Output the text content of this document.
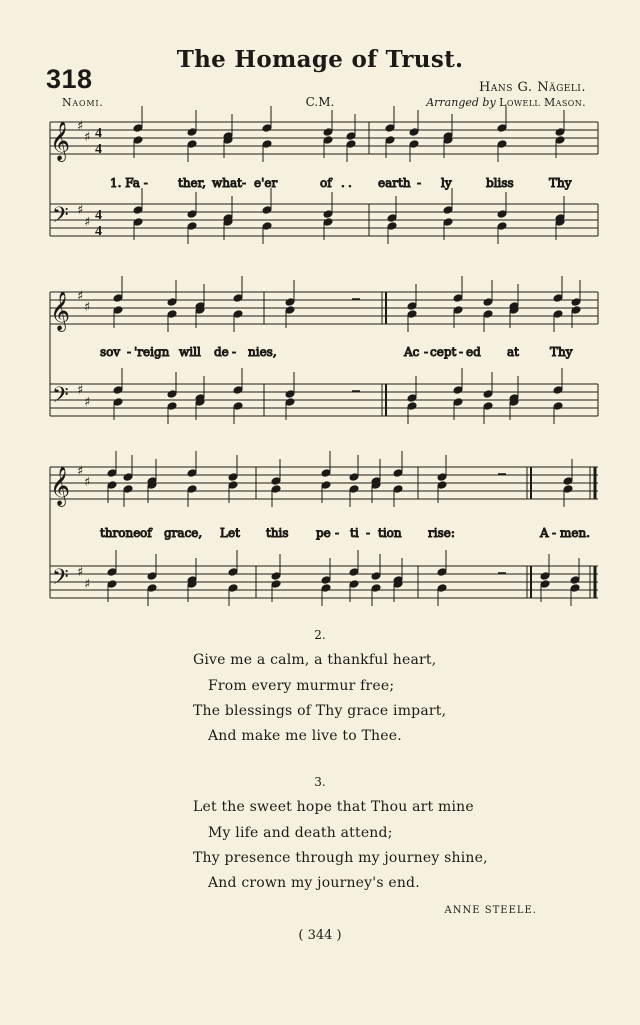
318
The Homage of Trust.
Hans G. Nägeli.
Naomi.	C.M.	Arranged by Lowell Mason.
𝄞
𝄢
♯
♯
♯
♯
4
4
4
4
1. Fa -	ther, what- e'er	of . . earth - ly	bliss	Thy
𝄞
𝄢
♯
♯
♯
♯
sov - 'reign will de - nies,	Ac - cept - ed at	Thy
𝄞
𝄢
♯
♯
♯
♯
throne of grace, Let this pe - ti - tion rise:	A - men.
2.
Give me a calm, a thankful heart,
From every murmur free;
The blessings of Thy grace impart,
And make me live to Thee.
3.
Let the sweet hope that Thou art mine
My life and death attend;
Thy presence through my journey shine,
And crown my journey's end.
ANNE STEELE.
( 344 )
